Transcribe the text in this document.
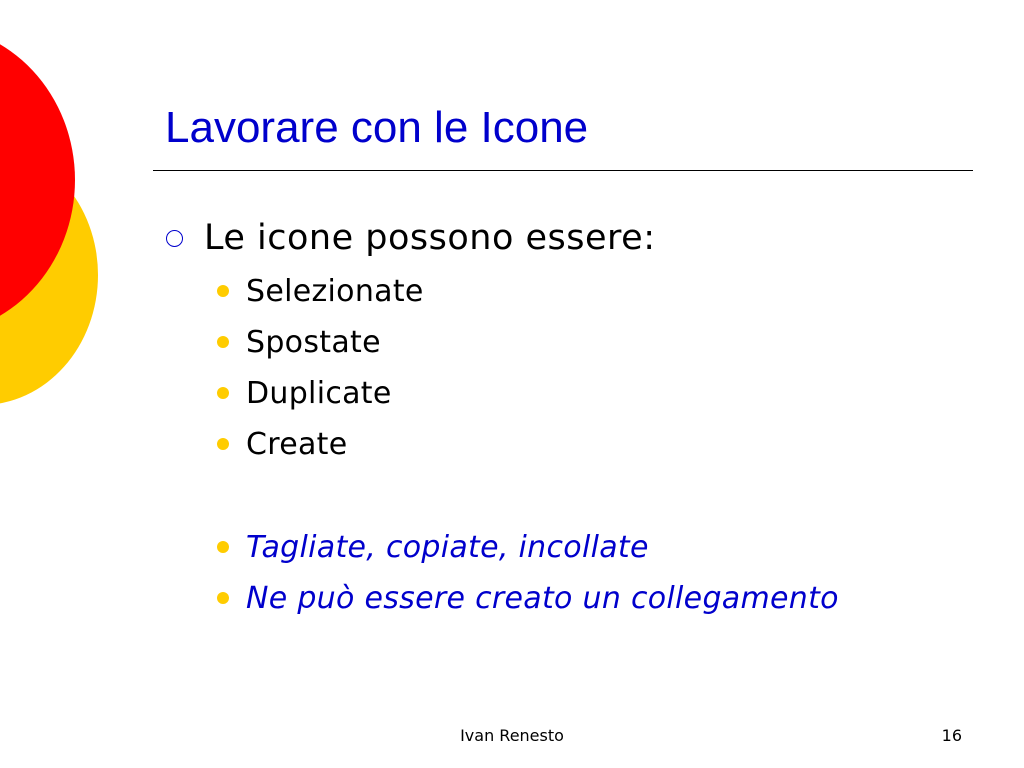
Lavorare con le Icone
Le icone possono essere:
Selezionate
Spostate
Duplicate
Create
Tagliate, copiate, incollate
Ne può essere creato un collegamento
Ivan Renesto	16
